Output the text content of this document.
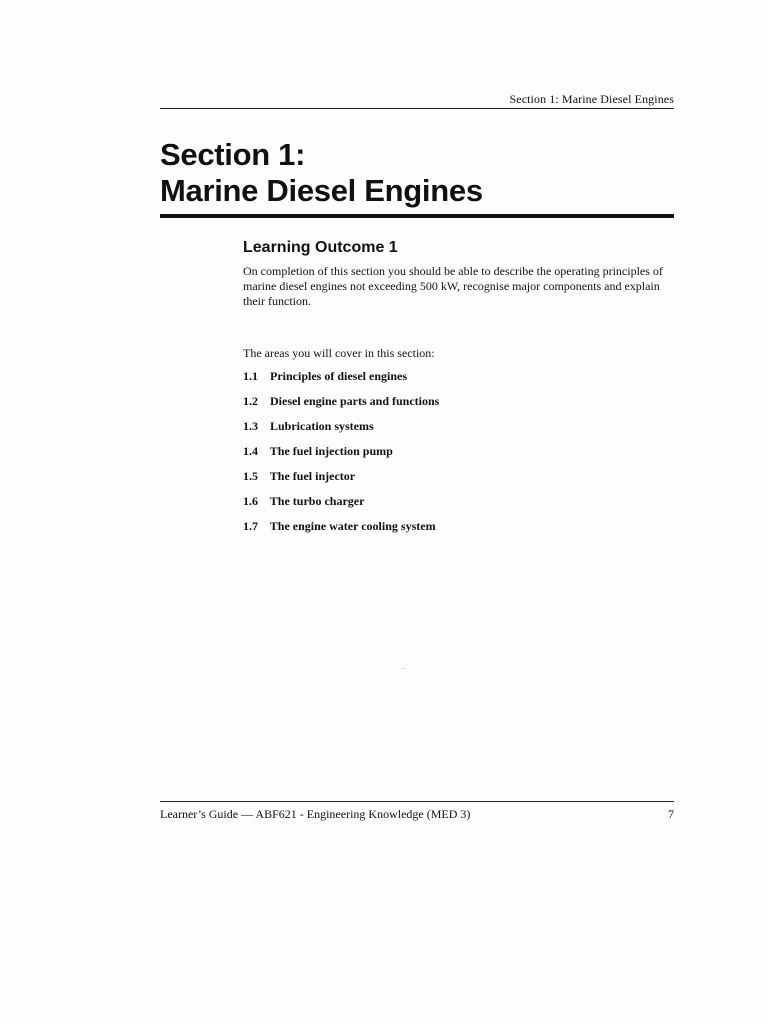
Section 1: Marine Diesel Engines
Section 1:
Marine Diesel Engines
Learning Outcome 1

On completion of this section you should be able to describe the operating principles of marine diesel engines not exceeding 500 kW, recognise major components and explain their function.

The areas you will cover in this section:

1.1 Principles of diesel engines
1.2 Diesel engine parts and functions
1.3 Lubrication systems
1.4 The fuel injection pump
1.5 The fuel injector
1.6 The turbo charger
1.7 The engine water cooling system
..
Learner’s Guide — ABF621 - Engineering Knowledge (MED 3)	7
